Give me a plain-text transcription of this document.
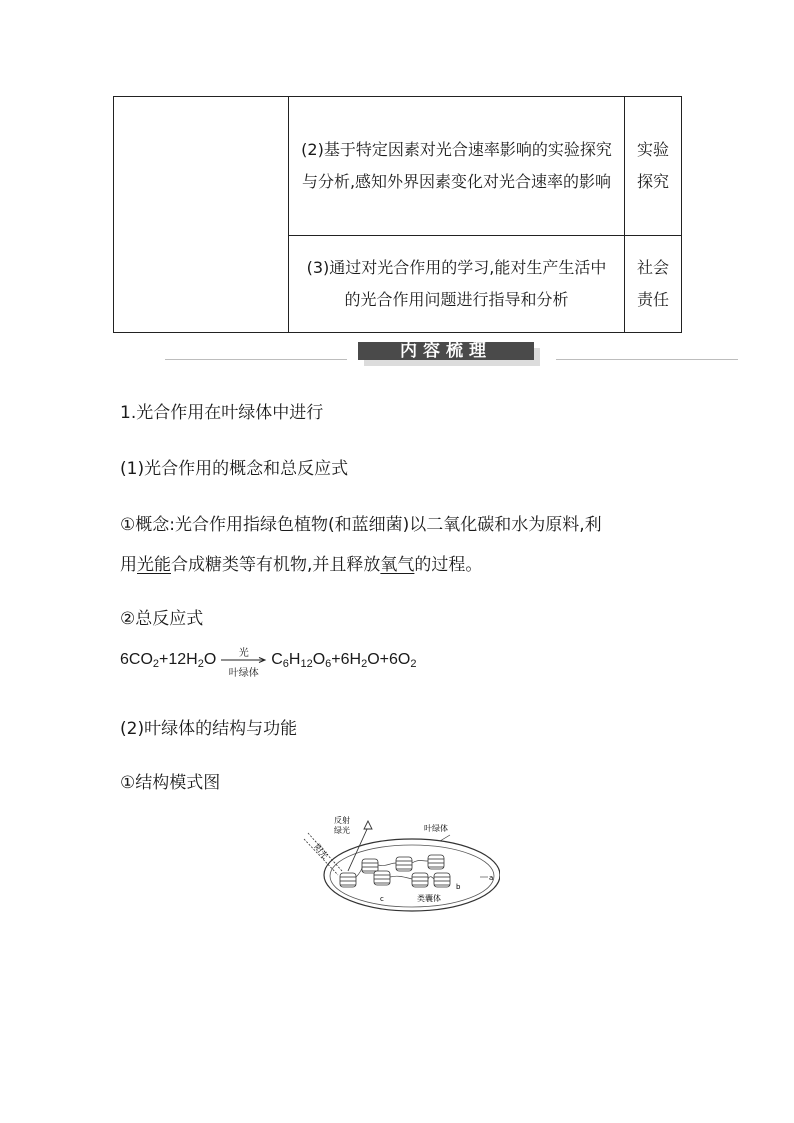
	(2)基于特定因素对光合速率影响的实验探究与分析,感知外界因素变化对光合速率的影响	实验探究
	(3)通过对光合作用的学习,能对生产生活中的光合作用问题进行指导和分析	社会责任
内容梳理
1.光合作用在叶绿体中进行
(1)光合作用的概念和总反应式
①概念:光合作用指绿色植物(和蓝细菌)以二氧化碳和水为原料,利
用光能合成糖类等有机物,并且释放氧气的过程。
②总反应式
$6CO_2+12H_2O$	光
叶绿体
$C_6H_{12}O_6+6H_2O+6O_2$
(2)叶绿体的结构与功能
①结构模式图
反射
绿光
阳光
叶绿体
类囊体
a
b
c
